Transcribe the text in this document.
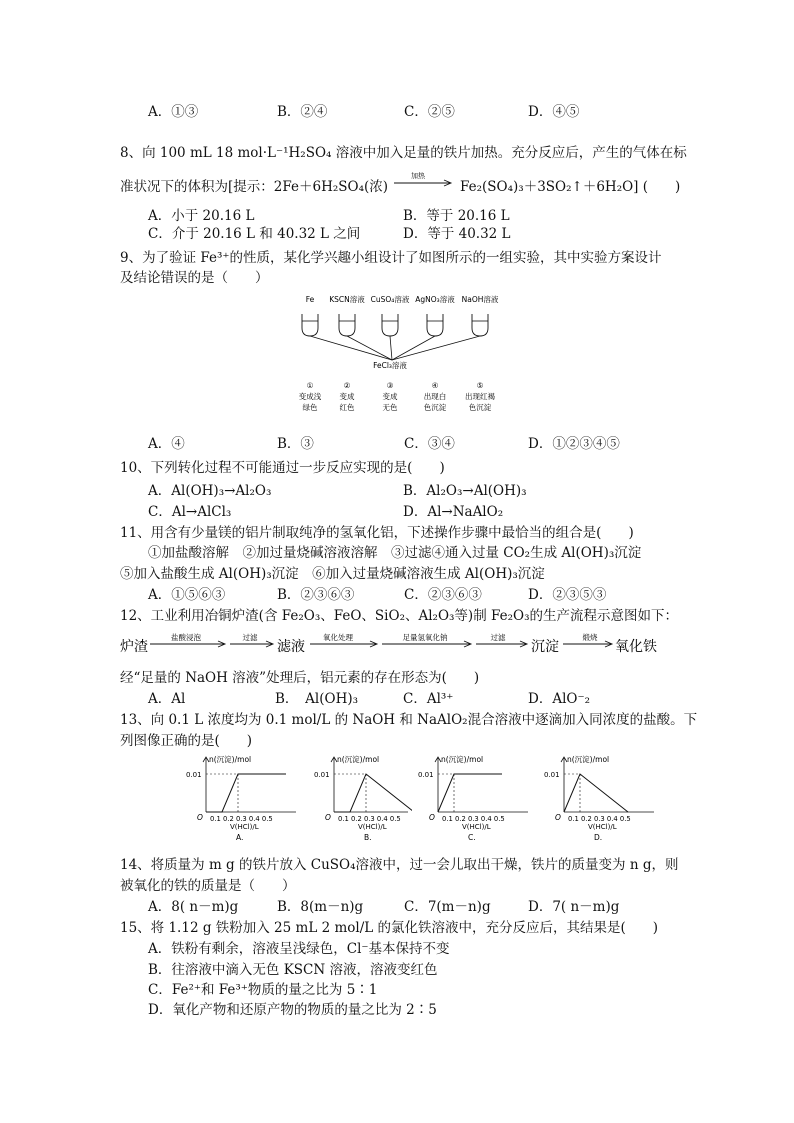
A．①③	B．②④	C．②⑤	D．④⑤
8、向 100 mL 18 mol·L⁻¹H₂SO₄ 溶液中加入足量的铁片加热。充分反应后，产生的气体在标
准状况下的体积为[提示：2Fe＋6H₂SO₄(浓)
加热
Fe₂(SO₄)₃＋3SO₂↑＋6H₂O] (　　)
A．小于 20.16 L	B．等于 20.16 L
C．介于 20.16 L 和 40.32 L 之间	D．等于 40.32 L
9、为了验证 Fe³⁺的性质，某化学兴趣小组设计了如图所示的一组实验，其中实验方案设计
及结论错误的是（　　）
Fe KSCN溶液 CuSO₄溶液 AgNO₃溶液 NaOH溶液
FeCl₃溶液
①
变成浅
绿色
②
变成
红色
③
变成
无色
④
出现白
色沉淀
⑤
出现红褐
色沉淀
A．④	B．③	C．③④	D．①②③④⑤
10、下列转化过程不可能通过一步反应实现的是(　　)
A．Al(OH)₃→Al₂O₃	B．Al₂O₃→Al(OH)₃
C．Al→AlCl₃	D．Al→NaAlO₂
11、用含有少量镁的铝片制取纯净的氢氧化铝，下述操作步骤中最恰当的组合是(　　)
①加盐酸溶解　②加过量烧碱溶液溶解　③过滤④通入过量 CO₂生成 Al(OH)₃沉淀
⑤加入盐酸生成 Al(OH)₃沉淀　⑥加入过量烧碱溶液生成 Al(OH)₃沉淀
A．①⑤⑥③	B．②③⑥③	C．②③⑥③	D．②③⑤③
12、工业利用冶铜炉渣(含 Fe₂O₃、FeO、SiO₂、Al₂O₃等)制 Fe₂O₃的生产流程示意图如下：
炉渣
盐酸浸泡	过滤
滤液
氧化处理	足量氢氧化钠	过滤
沉淀
煅烧
氧化铁
经“足量的 NaOH 溶液”处理后，铝元素的存在形态为(　　)
A．Al	B．　Al(OH)₃	C．Al³⁺	D．AlO⁻₂
13、向 0.1 L 浓度均为 0.1 mol/L 的 NaOH 和 NaAlO₂混合溶液中逐滴加入同浓度的盐酸。下
列图像正确的是(　　)
n(沉淀)/mol
0.01
O 0.1 0.2 0.3 0.4 0.5
V(HCl)/L
A.
n(沉淀)/mol
0.01
O 0.1 0.2 0.3 0.4 0.5
V(HCl)/L
B.
n(沉淀)/mol
0.01
O 0.1 0.2 0.3 0.4 0.5
V(HCl)/L
C.
n(沉淀)/mol
0.01
O 0.1 0.2 0.3 0.4 0.5
V(HCl)/L
D.
14、将质量为 m g 的铁片放入 CuSO₄溶液中，过一会儿取出干燥，铁片的质量变为 n g，则
被氧化的铁的质量是（　　）
A．8( n－m)g	B．8(m－n)g	C．7(m－n)g	D．7( n－m)g
15、将 1.12 g 铁粉加入 25 mL 2 mol/L 的氯化铁溶液中，充分反应后，其结果是(　　)
A．铁粉有剩余，溶液呈浅绿色，Cl⁻基本保持不变
B．往溶液中滴入无色 KSCN 溶液，溶液变红色
C．Fe²⁺和 Fe³⁺物质的量之比为 5∶1
D．氧化产物和还原产物的物质的量之比为 2∶5
